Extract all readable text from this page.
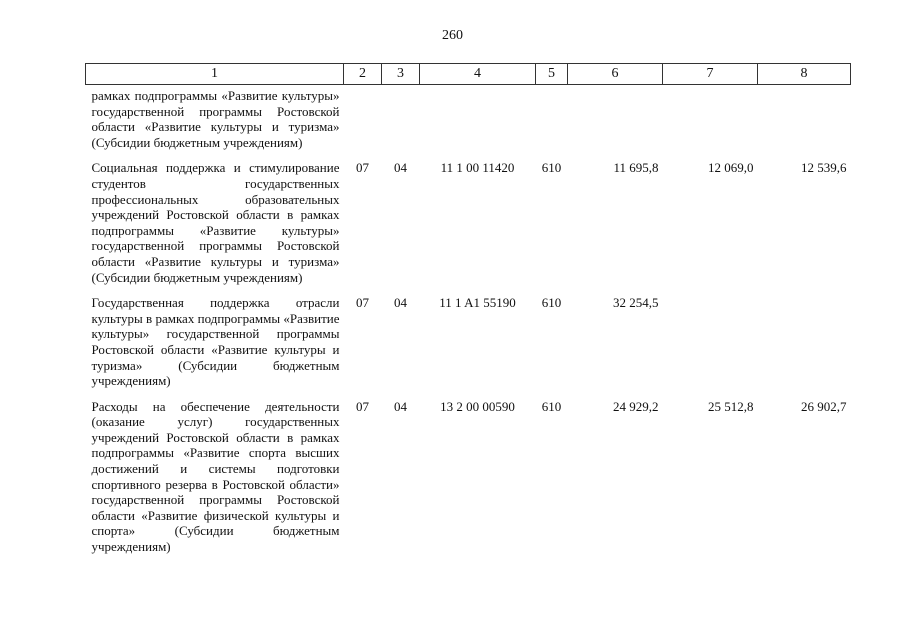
260
1	2	3	4	5	6	7	8
рамках подпрограммы «Развитие культуры» государственной программы Ростовской области «Развитие культуры и туризма» (Субсидии бюджетным учреждениям)							
Социальная поддержка и стимулирование студентов государственных профессиональных образовательных учреждений Ростовской области в рамках подпрограммы «Развитие культуры» государственной программы Ростовской области «Развитие культуры и туризма» (Субсидии бюджетным учреждениям)	07	04	11 1 00 11420	610	11 695,8	12 069,0	12 539,6
Государственная поддержка отрасли культуры в рамках подпрограммы «Развитие культуры» государственной программы Ростовской области «Развитие культуры и туризма» (Субсидии бюджетным учреждениям)	07	04	11 1 A1 55190	610	32 254,5		
Расходы на обеспечение деятельности (оказание услуг) государственных учреждений Ростовской области в рамках подпрограммы «Развитие спорта высших достижений и системы подготовки спортивного резерва в Ростовской области» государственной программы Ростовской области «Развитие физической культуры и спорта» (Субсидии бюджетным учреждениям)	07	04	13 2 00 00590	610	24 929,2	25 512,8	26 902,7
